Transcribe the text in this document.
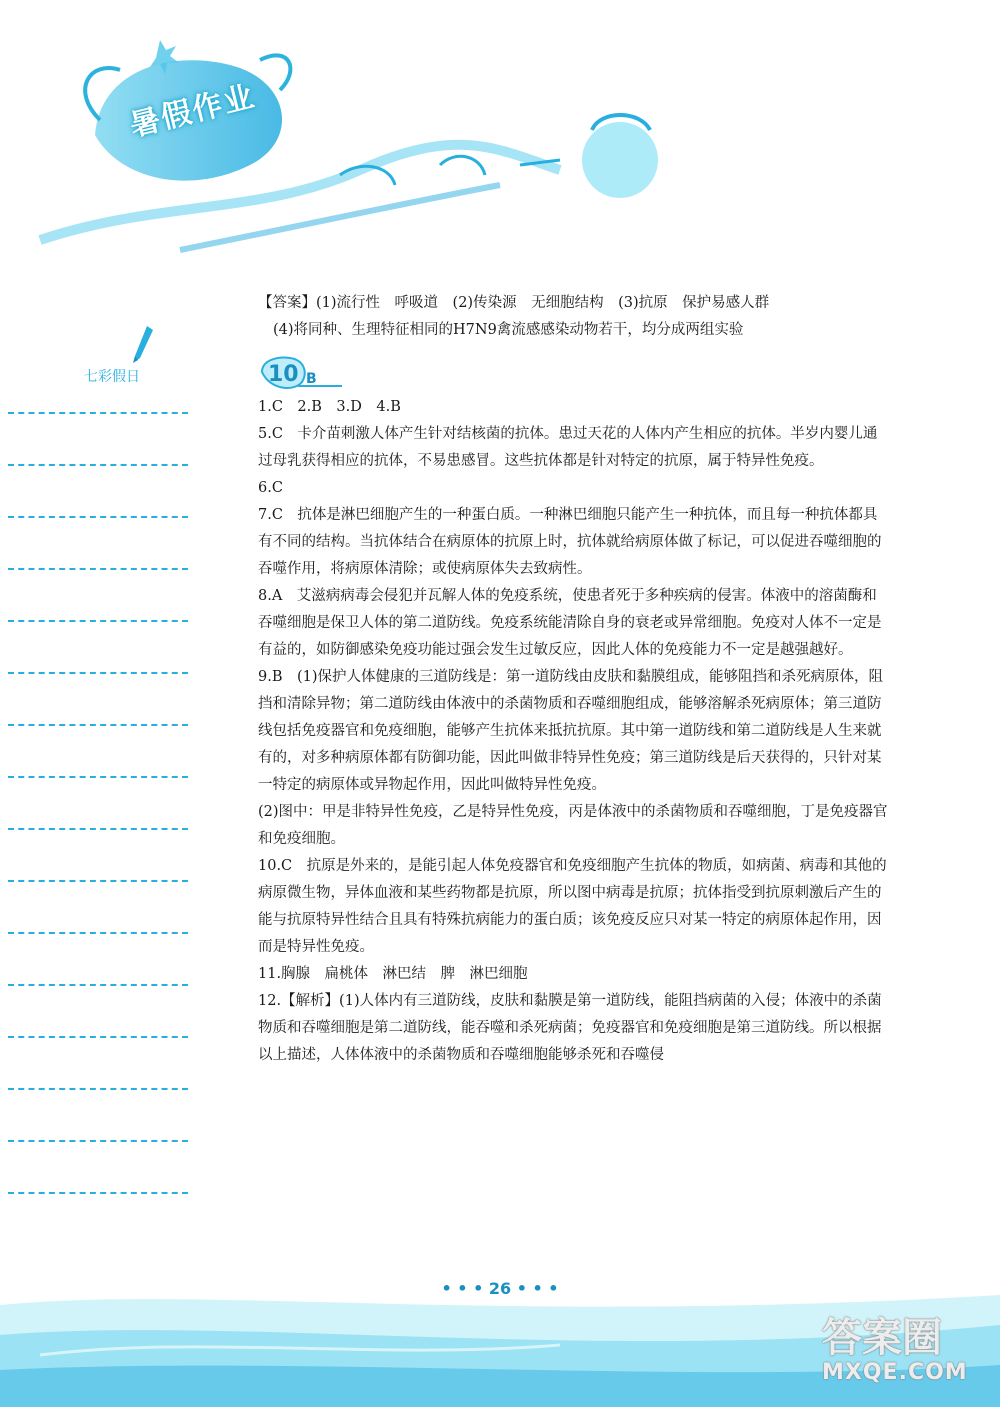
暑假作业
七彩假日

【答案】(1)流行性　呼吸道　(2)传染源　无细胞结构　(3)抗原　保护易感人群

(4)将同种、生理特征相同的H7N9禽流感感染动物若干，均分成两组实验

10 B

1.C　2.B　3.D　4.B

5.C　卡介苗刺激人体产生针对结核菌的抗体。患过天花的人体内产生相应的抗体。半岁内婴儿通过母乳获得相应的抗体，不易患感冒。这些抗体都是针对特定的抗原，属于特异性免疫。

6.C

7.C　抗体是淋巴细胞产生的一种蛋白质。一种淋巴细胞只能产生一种抗体，而且每一种抗体都具有不同的结构。当抗体结合在病原体的抗原上时，抗体就给病原体做了标记，可以促进吞噬细胞的吞噬作用，将病原体清除；或使病原体失去致病性。

8.A　艾滋病病毒会侵犯并瓦解人体的免疫系统，使患者死于多种疾病的侵害。体液中的溶菌酶和吞噬细胞是保卫人体的第二道防线。免疫系统能清除自身的衰老或异常细胞。免疫对人体不一定是有益的，如防御感染免疫功能过强会发生过敏反应，因此人体的免疫能力不一定是越强越好。

9.B　(1)保护人体健康的三道防线是：第一道防线由皮肤和黏膜组成，能够阻挡和杀死病原体，阻挡和清除异物；第二道防线由体液中的杀菌物质和吞噬细胞组成，能够溶解杀死病原体；第三道防线包括免疫器官和免疫细胞，能够产生抗体来抵抗抗原。其中第一道防线和第二道防线是人生来就有的，对多种病原体都有防御功能，因此叫做非特异性免疫；第三道防线是后天获得的，只针对某一特定的病原体或异物起作用，因此叫做特异性免疫。

(2)图中：甲是非特异性免疫，乙是特异性免疫，丙是体液中的杀菌物质和吞噬细胞，丁是免疫器官和免疫细胞。

10.C　抗原是外来的，是能引起人体免疫器官和免疫细胞产生抗体的物质，如病菌、病毒和其他的病原微生物，异体血液和某些药物都是抗原，所以图中病毒是抗原；抗体指受到抗原刺激后产生的能与抗原特异性结合且具有特殊抗病能力的蛋白质；该免疫反应只对某一特定的病原体起作用，因而是特异性免疫。

11.胸腺　扁桃体　淋巴结　脾　淋巴细胞

12.【解析】(1)人体内有三道防线，皮肤和黏膜是第一道防线，能阻挡病菌的入侵；体液中的杀菌物质和吞噬细胞是第二道防线，能吞噬和杀死病菌；免疫器官和免疫细胞是第三道防线。所以根据以上描述，人体体液中的杀菌物质和吞噬细胞能够杀死和吞噬侵

• • • 26 • • •
答案圈
MXQE.COM
